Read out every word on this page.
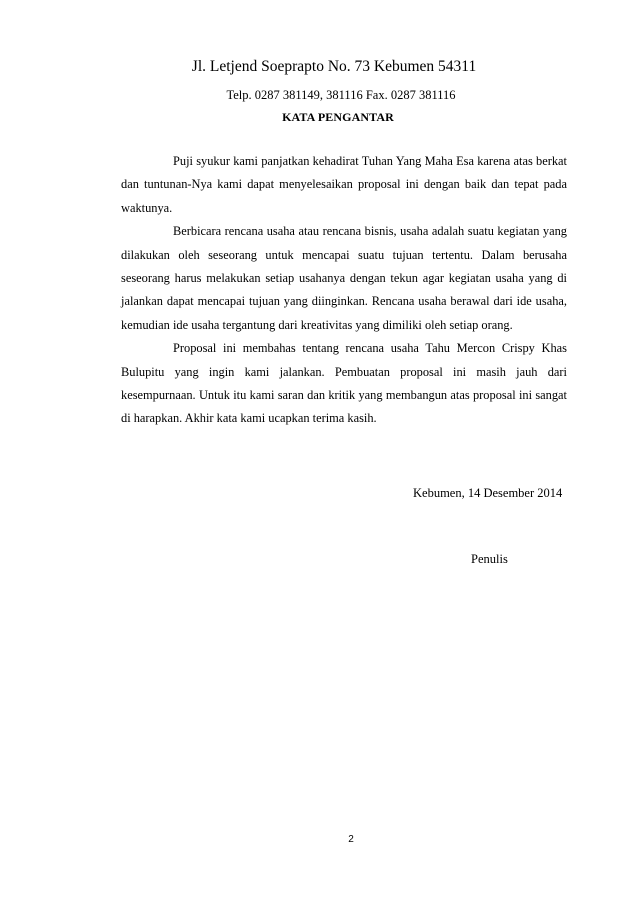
Jl. Letjend Soeprapto No. 73 Kebumen 54311
Telp. 0287 381149, 381116 Fax. 0287 381116
KATA PENGANTAR

Puji syukur kami panjatkan kehadirat Tuhan Yang Maha Esa karena atas berkat dan tuntunan-Nya kami dapat menyelesaikan proposal ini dengan baik dan tepat pada waktunya.

Berbicara rencana usaha atau rencana bisnis, usaha adalah suatu kegiatan yang dilakukan oleh seseorang untuk mencapai suatu tujuan tertentu. Dalam berusaha seseorang harus melakukan setiap usahanya dengan tekun agar kegiatan usaha yang di jalankan dapat mencapai tujuan yang diinginkan. Rencana usaha berawal dari ide usaha, kemudian ide usaha tergantung dari kreativitas yang dimiliki oleh setiap orang.

Proposal ini membahas tentang rencana usaha Tahu Mercon Crispy Khas Bulupitu yang ingin kami jalankan. Pembuatan proposal ini masih jauh dari kesempurnaan. Untuk itu kami saran dan kritik yang membangun atas proposal ini sangat di harapkan. Akhir kata kami ucapkan terima kasih.

Kebumen, 14 Desember 2014
Penulis
2
